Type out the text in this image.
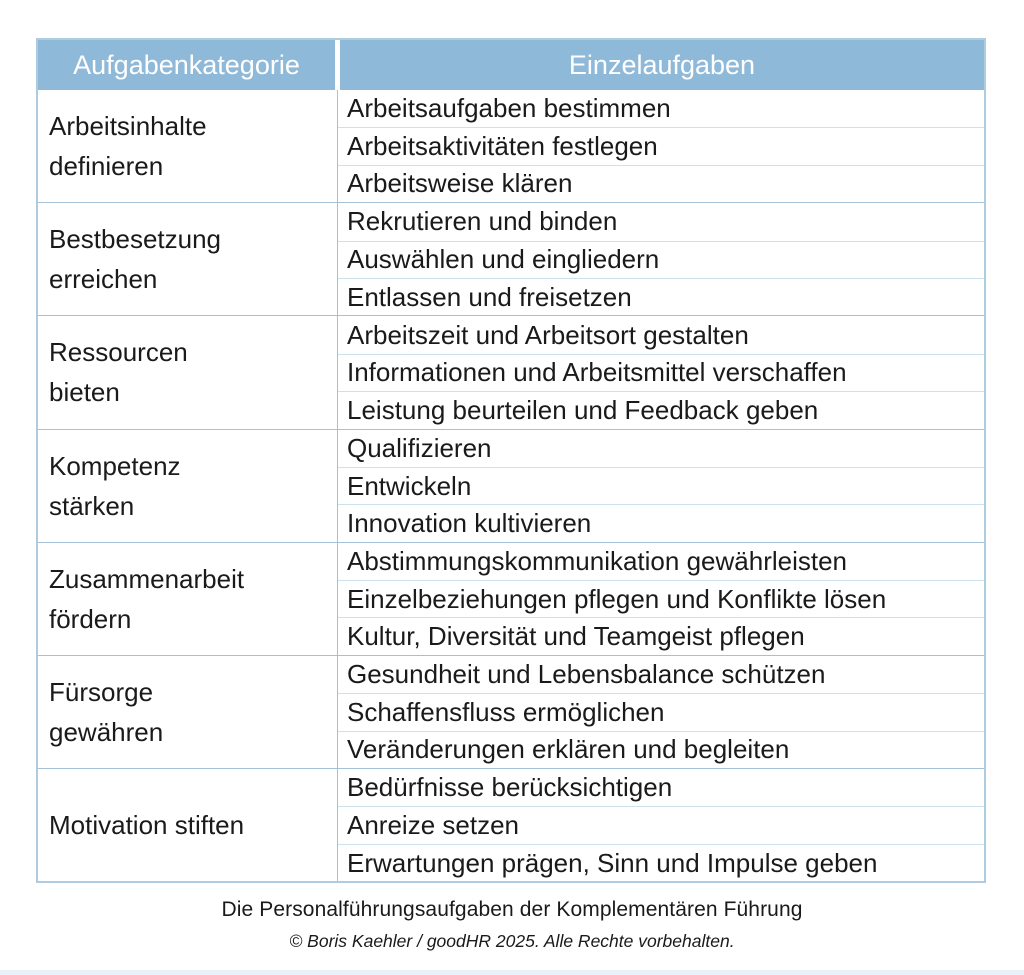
Aufgabenkategorie	Einzelaufgaben
Arbeitsinhalte definieren
Arbeitsaufgaben bestimmen
Arbeitsaktivitäten festlegen
Arbeitsweise klären
Bestbesetzung erreichen
Rekrutieren und binden
Auswählen und eingliedern
Entlassen und freisetzen
Ressourcen bieten
Arbeitszeit und Arbeitsort gestalten
Informationen und Arbeitsmittel verschaffen
Leistung beurteilen und Feedback geben
Kompetenz stärken
Qualifizieren
Entwickeln
Innovation kultivieren
Zusammenarbeit fördern
Abstimmungskommunikation gewährleisten
Einzelbeziehungen pflegen und Konflikte lösen
Kultur, Diversität und Teamgeist pflegen
Fürsorge gewähren
Gesundheit und Lebensbalance schützen
Schaffensfluss ermöglichen
Veränderungen erklären und begleiten
Motivation stiften
Bedürfnisse berücksichtigen
Anreize setzen
Erwartungen prägen, Sinn und Impulse geben
Die Personalführungsaufgaben der Komplementären Führung
© Boris Kaehler / goodHR 2025. Alle Rechte vorbehalten.
